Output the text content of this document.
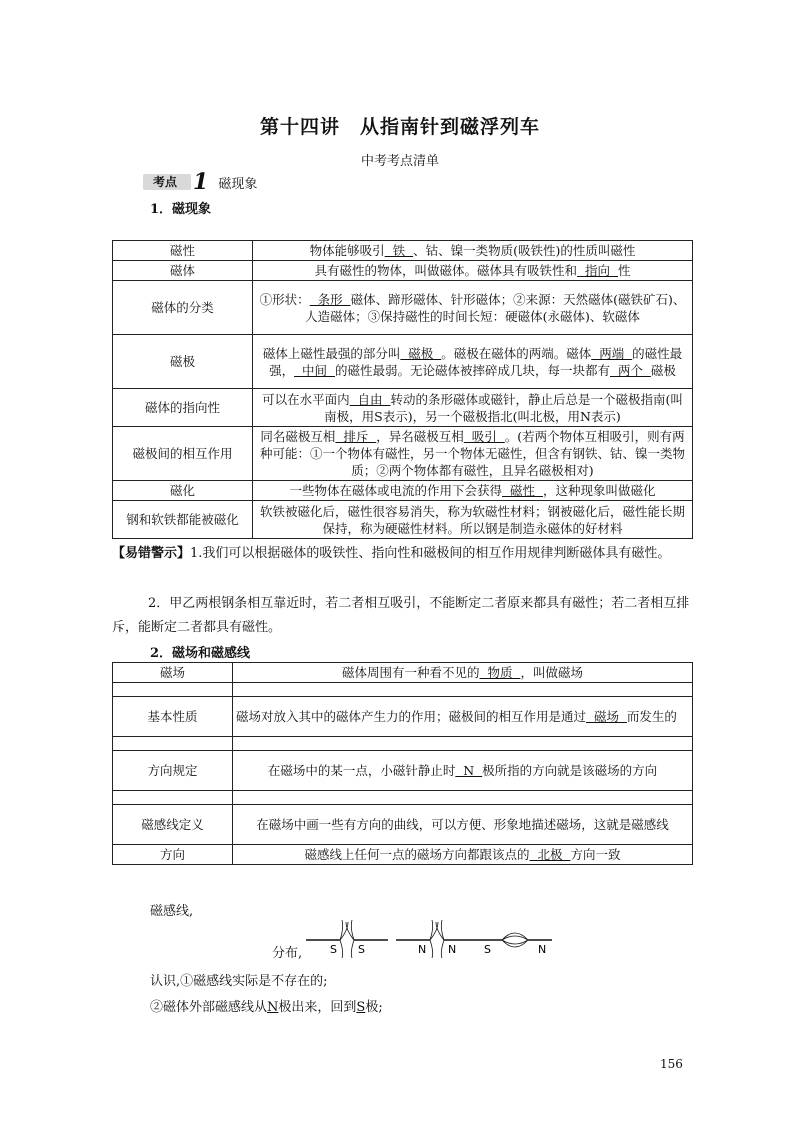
第十四讲　从指南针到磁浮列车
中考考点清单
考点 1 磁现象
1．磁现象
磁性	物体能够吸引  铁  、钴、镍一类物质(吸铁性)的性质叫磁性
磁体	具有磁性的物体，叫做磁体。磁体具有吸铁性和  指向  性
磁体的分类	①形状：  条形  磁体、蹄形磁体、针形磁体；②来源：天然磁体(磁铁矿石)、人造磁体；③保持磁性的时间长短：硬磁体(永磁体)、软磁体
磁极	磁体上磁性最强的部分叫  磁极  。磁极在磁体的两端。磁体  两端  的磁性最强，  中间  的磁性最弱。无论磁体被摔碎成几块，每一块都有  两个  磁极
磁体的指向性	可以在水平面内  自由  转动的条形磁体或磁针，静止后总是一个磁极指南(叫南极，用S表示)，另一个磁极指北(叫北极，用N表示)
磁极间的相互作用	同名磁极互相  排斥  ，异名磁极互相  吸引  。(若两个物体互相吸引，则有两种可能：①一个物体有磁性，另一个物体无磁性，但含有钢铁、钴、镍一类物质；②两个物体都有磁性，且异名磁极相对)
磁化	一些物体在磁体或电流的作用下会获得  磁性  ，这种现象叫做磁化
钢和软铁都能被磁化	软铁被磁化后，磁性很容易消失，称为软磁性材料；钢被磁化后，磁性能长期保持，称为硬磁性材料。所以钢是制造永磁体的好材料
【易错警示】1.我们可以根据磁体的吸铁性、指向性和磁极间的相互作用规律判断磁体具有磁性。
2．甲乙两根钢条相互靠近时，若二者相互吸引，不能断定二者原来都具有磁性；若二者相互排斥，能断定二者都具有磁性。
2．磁场和磁感线
磁场	磁体周围有一种看不见的  物质  ，叫做磁场

基本性质	磁场对放入其中的磁体产生力的作用；磁极间的相互作用是通过  磁场  而发生的

方向规定	在磁场中的某一点，小磁针静止时  N  极所指的方向就是该磁场的方向

磁感线定义	在磁场中画一些有方向的曲线，可以方便、形象地描述磁场，这就是磁感线
方向	磁感线上任何一点的磁场方向都跟该点的  北极  方向一致
磁感线,
分布,	S S	N N	S	N
认识,①磁感线实际是不存在的;
②磁体外部磁感线从N极出来，回到S极;
156
